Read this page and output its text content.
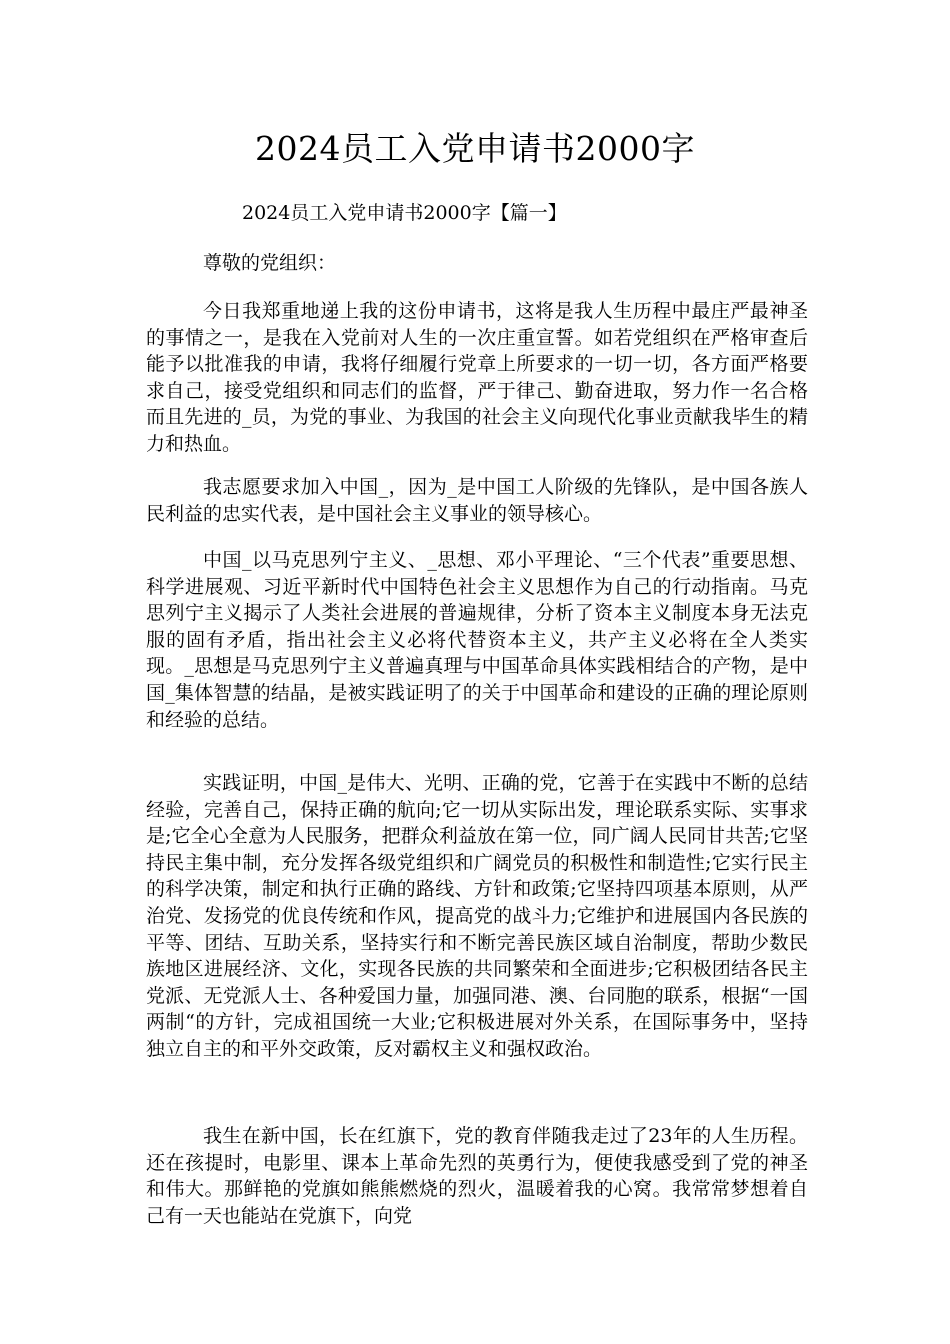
2024员工入党申请书2000字
2024员工入党申请书2000字【篇一】
尊敬的党组织：

今日我郑重地递上我的这份申请书，这将是我人生历程中最庄严最神圣的事情之一，是我在入党前对人生的一次庄重宣誓。如若党组织在严格审查后能予以批准我的申请，我将仔细履行党章上所要求的一切一切，各方面严格要求自己，接受党组织和同志们的监督，严于律己、勤奋进取，努力作一名合格而且先进的_员，为党的事业、为我国的社会主义向现代化事业贡献我毕生的精力和热血。

我志愿要求加入中国_，因为_是中国工人阶级的先锋队，是中国各族人民利益的忠实代表，是中国社会主义事业的领导核心。

中国_以马克思列宁主义、_思想、邓小平理论、“三个代表”重要思想、科学进展观、习近平新时代中国特色社会主义思想作为自己的行动指南。马克思列宁主义揭示了人类社会进展的普遍规律，分析了资本主义制度本身无法克服的固有矛盾，指出社会主义必将代替资本主义，共产主义必将在全人类实现。_思想是马克思列宁主义普遍真理与中国革命具体实践相结合的产物，是中国_集体智慧的结晶，是被实践证明了的关于中国革命和建设的正确的理论原则和经验的总结。

实践证明，中国_是伟大、光明、正确的党，它善于在实践中不断的总结经验，完善自己，保持正确的航向;它一切从实际出发，理论联系实际、实事求是;它全心全意为人民服务，把群众利益放在第一位，同广阔人民同甘共苦;它坚持民主集中制，充分发挥各级党组织和广阔党员的积极性和制造性;它实行民主的科学决策，制定和执行正确的路线、方针和政策;它坚持四项基本原则，从严治党、发扬党的优良传统和作风，提高党的战斗力;它维护和进展国内各民族的平等、团结、互助关系，坚持实行和不断完善民族区域自治制度，帮助少数民族地区进展经济、文化，实现各民族的共同繁荣和全面进步;它积极团结各民主党派、无党派人士、各种爱国力量，加强同港、澳、台同胞的联系，根据“一国两制“的方针，完成祖国统一大业;它积极进展对外关系，在国际事务中，坚持独立自主的和平外交政策，反对霸权主义和强权政治。

我生在新中国，长在红旗下，党的教育伴随我走过了23年的人生历程。还在孩提时，电影里、课本上革命先烈的英勇行为，便使我感受到了党的神圣和伟大。那鲜艳的党旗如熊熊燃烧的烈火，温暖着我的心窝。我常常梦想着自己有一天也能站在党旗下，向党
